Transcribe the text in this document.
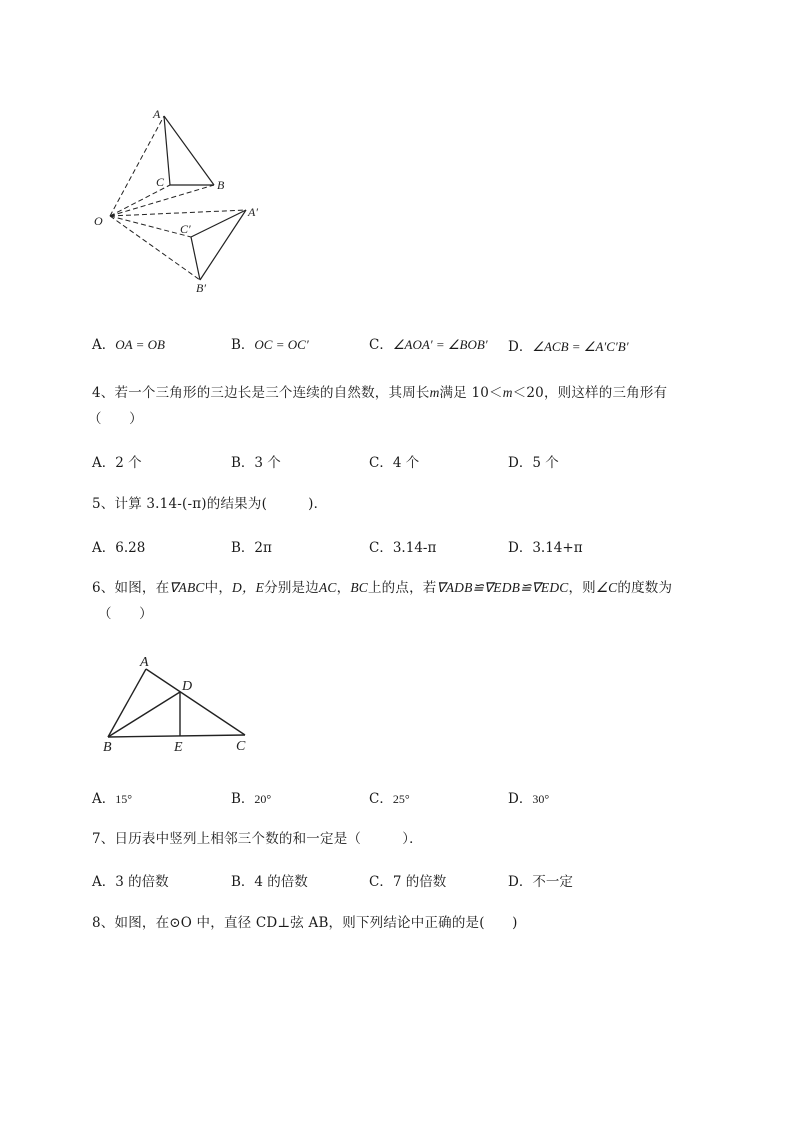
A
C	B
O
A′
C′
B′
A．OA = OB	B．OC = OC′	C．∠AOA′ = ∠BOB′ D．∠ACB = ∠A′C′B′
4、若一个三角形的三边长是三个连续的自然数，其周长m满足 10＜m＜20，则这样的三角形有
（　　）
A．2 个	B．3 个	C．4 个	D．5 个
5、计算 3.14-(-π)的结果为(　　　)．
A．6.28	B．2π	C．3.14-π	D．3.14+π
6、如图，在∇ABC中，D，E分别是边AC，BC上的点，若∇ADB≌∇EDB≌∇EDC，则∠C的度数为
（　　）
A
D
B	E	C
A．15°	B．20°	C．25°	D．30°
7、日历表中竖列上相邻三个数的和一定是（　　　）．
A．3 的倍数	B．4 的倍数	C．7 的倍数	D．不一定
8、如图，在⊙O 中，直径 CD⊥弦 AB，则下列结论中正确的是(　　)
